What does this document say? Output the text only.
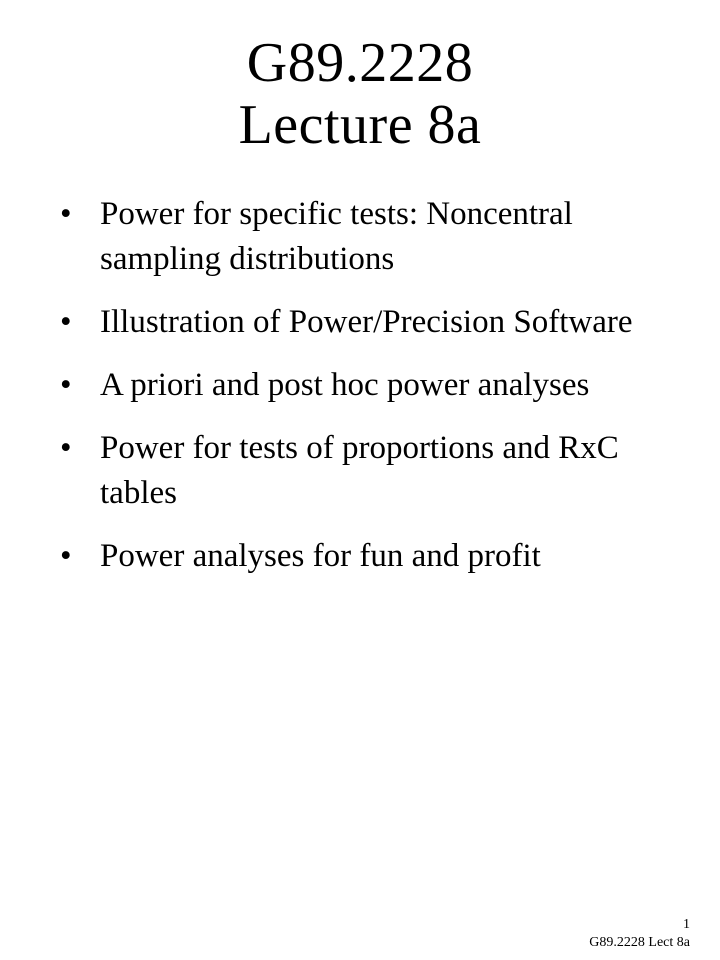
G89.2228
Lecture 8a
• Power for specific tests: Noncentral sampling distributions
• Illustration of Power/Precision Software
• A priori and post hoc power analyses
• Power for tests of proportions and RxC tables
• Power analyses for fun and profit
1
G89.2228 Lect 8a
